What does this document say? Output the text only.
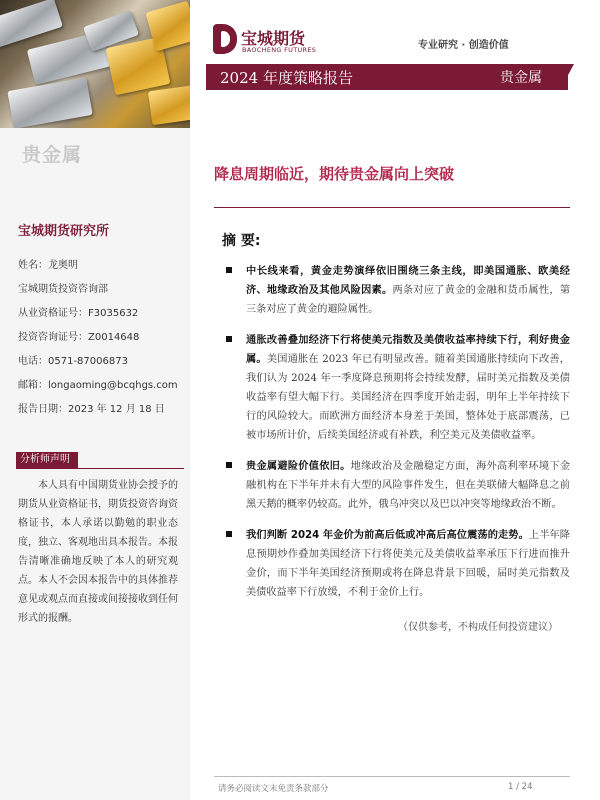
贵金属
宝城期货研究所
姓名：龙奥明
宝城期货投资咨询部
从业资格证号：F3035632
投资咨询证号：Z0014648
电话：0571-87006873
邮箱：longaoming@bcqhgs.com
报告日期：2023 年 12 月 18 日
分析师声明
本人具有中国期货业协会授予的期货从业资格证书，期货投资咨询资格证书，本人承诺以勤勉的职业态度，独立、客观地出具本报告。本报告清晰准确地反映了本人的研究观点。本人不会因本报告中的具体推荐意见或观点而直接或间接接收到任何形式的报酬。
宝城期货
BAOCHENG FUTURES	专业研究 · 创造价值
2024 年度策略报告	贵金属
降息周期临近，期待贵金属向上突破
摘 要:

中长线来看，黄金走势演绎依旧围绕三条主线，即美国通胀、欧美经济、地缘政治及其他风险因素。两条对应了黄金的金融和货币属性，第三条对应了黄金的避险属性。

通胀改善叠加经济下行将使美元指数及美债收益率持续下行，利好贵金属。美国通胀在 2023 年已有明显改善。随着美国通胀持续向下改善，我们认为 2024 年一季度降息预期将会持续发酵，届时美元指数及美债收益率有望大幅下行。美国经济在四季度开始走弱，明年上半年持续下行的风险较大。而欧洲方面经济本身差于美国，整体处于底部震荡，已被市场所计价，后续美国经济或有补跌，利空美元及美债收益率。

贵金属避险价值依旧。地缘政治及金融稳定方面，海外高利率环境下金融机构在下半年并未有大型的风险事件发生，但在美联储大幅降息之前黑天鹅的概率仍较高。此外，俄乌冲突以及巴以冲突等地缘政治不断。

我们判断 2024 年金价为前高后低或冲高后高位震荡的走势。上半年降息预期炒作叠加美国经济下行将使美元及美债收益率承压下行进而推升金价，而下半年美国经济预期或将在降息背景下回暖，届时美元指数及美债收益率下行放缓，不利于金价上行。

（仅供参考，不构成任何投资建议）
请务必阅读文末免责条款部分	1 / 24
